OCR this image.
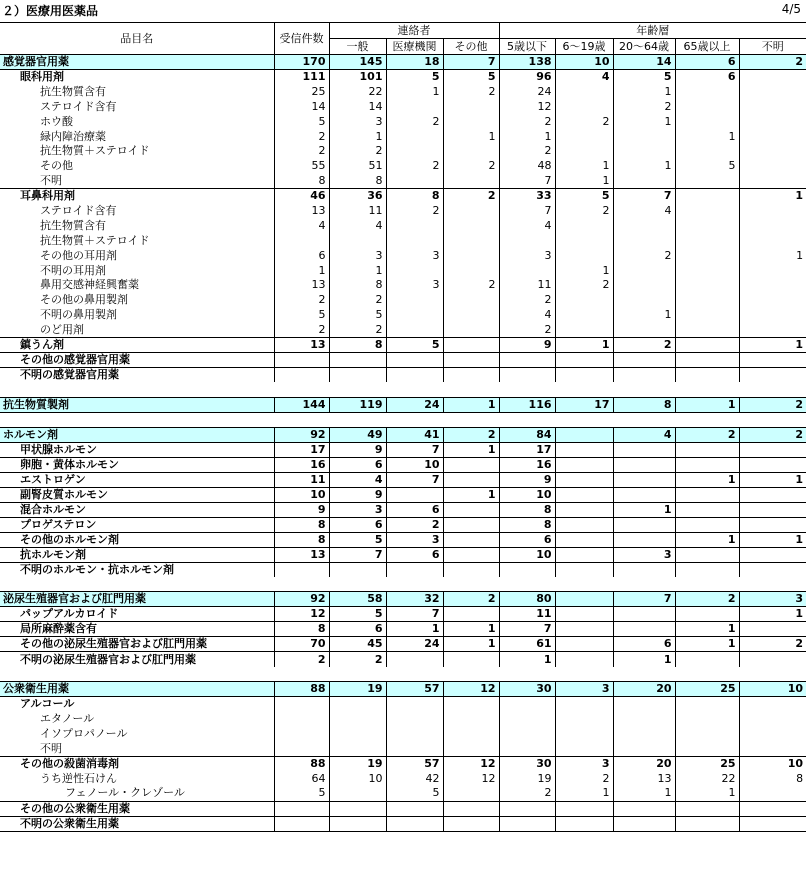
２）医療用医薬品	4/5
品目名	受信件数	連絡者			年齢層				
		一般	医療機関	その他	5歳以下	6～19歳	20～64歳	65歳以上	不明
感覚器官用薬	170	145	18	7	138	10	14	6	2
眼科用剤	111	101	5	5	96	4	5	6	
抗生物質含有	25	22	1	2	24		1		
ステロイド含有	14	14			12		2		
ホウ酸	5	3	2		2	2	1		
緑内障治療薬	2	1		1	1			1	
抗生物質＋ステロイド	2	2			2				
その他	55	51	2	2	48	1	1	5	
不明	8	8			7	1			
耳鼻科用剤	46	36	8	2	33	5	7		1
ステロイド含有	13	11	2		7	2	4		
抗生物質含有	4	4			4				
抗生物質＋ステロイド									
その他の耳用剤	6	3	3		3		2		1
不明の耳用剤	1	1				1			
鼻用交感神経興奮薬	13	8	3	2	11	2			
その他の鼻用製剤	2	2			2				
不明の鼻用製剤	5	5			4		1		
のど用剤	2	2			2				
鎮うん剤	13	8	5		9	1	2		1
その他の感覚器官用薬									
不明の感覚器官用薬									

抗生物質製剤	144	119	24	1	116	17	8	1	2

ホルモン剤	92	49	41	2	84		4	2	2
甲状腺ホルモン	17	9	7	1	17				
卵胞・黄体ホルモン	16	6	10		16				
エストロゲン	11	4	7		9			1	1
副腎皮質ホルモン	10	9		1	10				
混合ホルモン	9	3	6		8		1		
プロゲステロン	8	6	2		8				
その他のホルモン剤	8	5	3		6			1	1
抗ホルモン剤	13	7	6		10		3		
不明のホルモン・抗ホルモン剤									

泌尿生殖器官および肛門用薬	92	58	32	2	80		7	2	3
パップアルカロイド	12	5	7		11				1
局所麻酔薬含有	8	6	1	1	7			1	
その他の泌尿生殖器官および肛門用薬	70	45	24	1	61		6	1	2
不明の泌尿生殖器官および肛門用薬	2	2			1		1		

公衆衛生用薬	88	19	57	12	30	3	20	25	10
アルコール									
エタノール									
イソプロパノール									
不明									
その他の殺菌消毒剤	88	19	57	12	30	3	20	25	10
うち逆性石けん	64	10	42	12	19	2	13	22	8
フェノール・クレゾール	5		5		2	1	1	1	
その他の公衆衛生用薬									
不明の公衆衛生用薬									
